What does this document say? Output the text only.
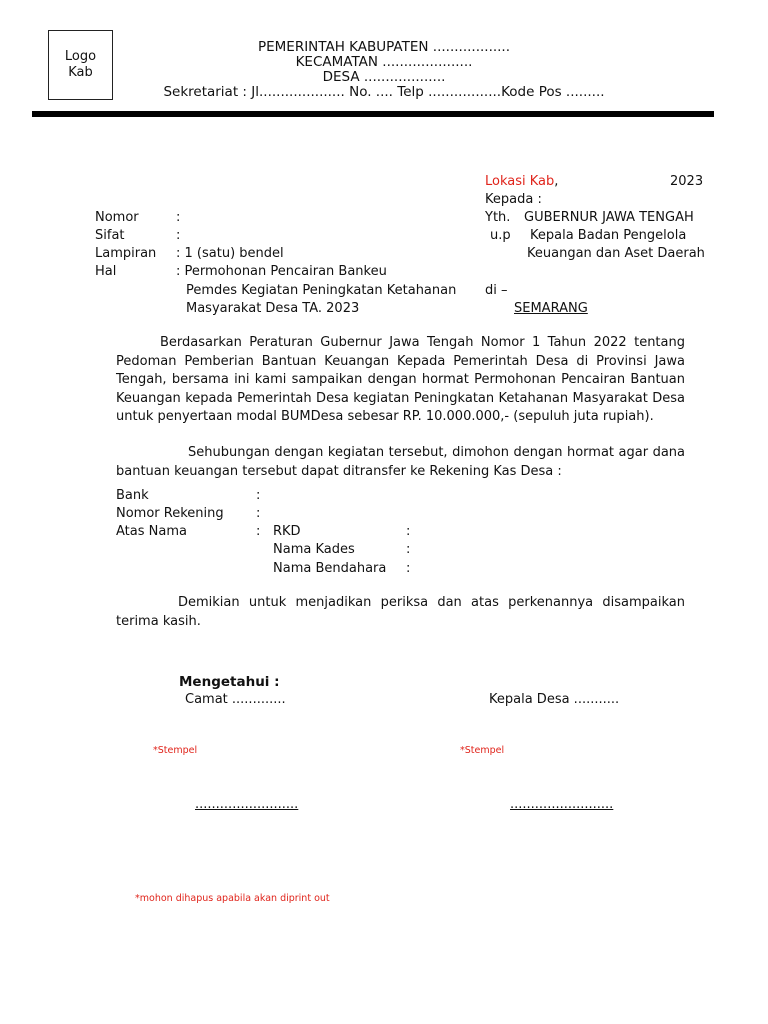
Logo
Kab
PEMERINTAH KABUPATEN ..................
KECAMATAN .....................
DESA ...................
Sekretariat : Jl.................... No. .... Telp .................Kode Pos .........
Lokasi Kab,	2023
Kepada :
Yth. GUBERNUR JAWA TENGAH
u.p Kepala Badan Pengelola
Keuangan dan Aset Daerah
di –
SEMARANG
Nomor	:
Sifat	:
Lampiran : 1 (satu) bendel
Hal	: Permohonan Pencairan Bankeu
Pemdes Kegiatan Peningkatan Ketahanan
Masyarakat Desa TA. 2023
Berdasarkan Peraturan Gubernur Jawa Tengah Nomor 1 Tahun 2022 tentang Pedoman Pemberian Bantuan Keuangan Kepada Pemerintah Desa di Provinsi Jawa Tengah, bersama ini kami sampaikan dengan hormat Permohonan Pencairan Bantuan Keuangan kepada Pemerintah Desa kegiatan Peningkatan Ketahanan Masyarakat Desa untuk penyertaan modal BUMDesa sebesar RP. 10.000.000,- (sepuluh juta rupiah).
Sehubungan dengan kegiatan tersebut, dimohon dengan hormat agar dana bantuan keuangan tersebut dapat ditransfer ke Rekening Kas Desa :
Bank	:
Nomor Rekening :
Atas Nama	: RKD	:
Nama Kades	:
Nama Bendahara :
Demikian untuk menjadikan periksa dan atas perkenannya disampaikan terima kasih.
Mengetahui :
Camat .............	Kepala Desa ...........
*Stempel	*Stempel
.........................	.........................
*mohon dihapus apabila akan diprint out
